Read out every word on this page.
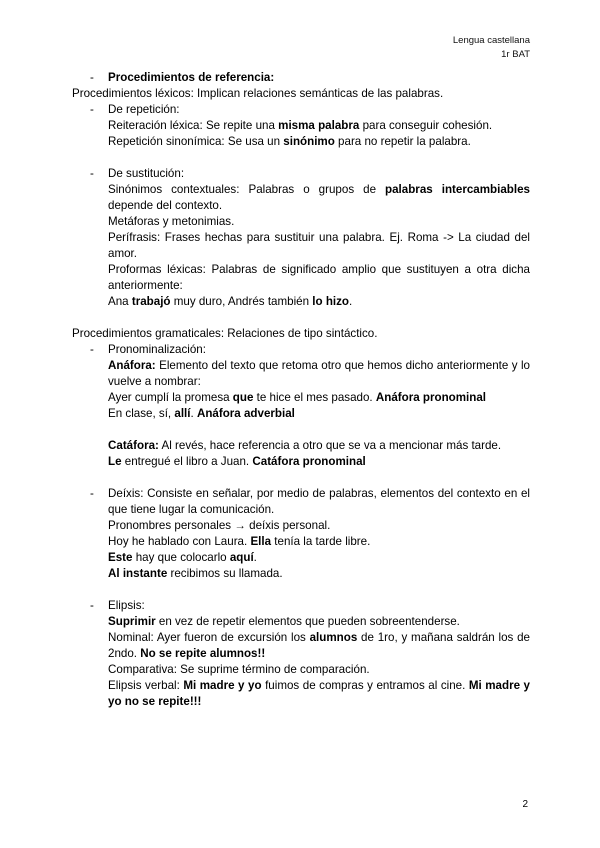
Lengua castellana
1r BAT
- Procedimientos de referencia:
Procedimientos léxicos: Implican relaciones semánticas de las palabras.
- De repetición:
Reiteración léxica: Se repite una misma palabra para conseguir cohesión.
Repetición sinonímica: Se usa un sinónimo para no repetir la palabra.
- De sustitución:
Sinónimos contextuales: Palabras o grupos de palabras intercambiables depende del contexto.
Metáforas y metonimias.
Perífrasis: Frases hechas para sustituir una palabra. Ej. Roma -> La ciudad del amor.
Proformas léxicas: Palabras de significado amplio que sustituyen a otra dicha anteriormente:
Ana trabajó muy duro, Andrés también lo hizo.
Procedimientos gramaticales: Relaciones de tipo sintáctico.
- Pronominalización:
Anáfora: Elemento del texto que retoma otro que hemos dicho anteriormente y lo vuelve a nombrar:
Ayer cumplí la promesa que te hice el mes pasado. Anáfora pronominal
En clase, sí, allí. Anáfora adverbial
Catáfora: Al revés, hace referencia a otro que se va a mencionar más tarde.
Le entregué el libro a Juan. Catáfora pronominal
- Deíxis: Consiste en señalar, por medio de palabras, elementos del contexto en el que tiene lugar la comunicación.
Pronombres personales → deíxis personal.
Hoy he hablado con Laura. Ella tenía la tarde libre.
Este hay que colocarlo aquí.
Al instante recibimos su llamada.
- Elipsis:
Suprimir en vez de repetir elementos que pueden sobreentenderse.
Nominal: Ayer fueron de excursión los alumnos de 1ro, y mañana saldrán los de 2ndo. No se repite alumnos!!
Comparativa: Se suprime término de comparación.
Elipsis verbal: Mi madre y yo fuimos de compras y entramos al cine. Mi madre y yo no se repite!!!
2
